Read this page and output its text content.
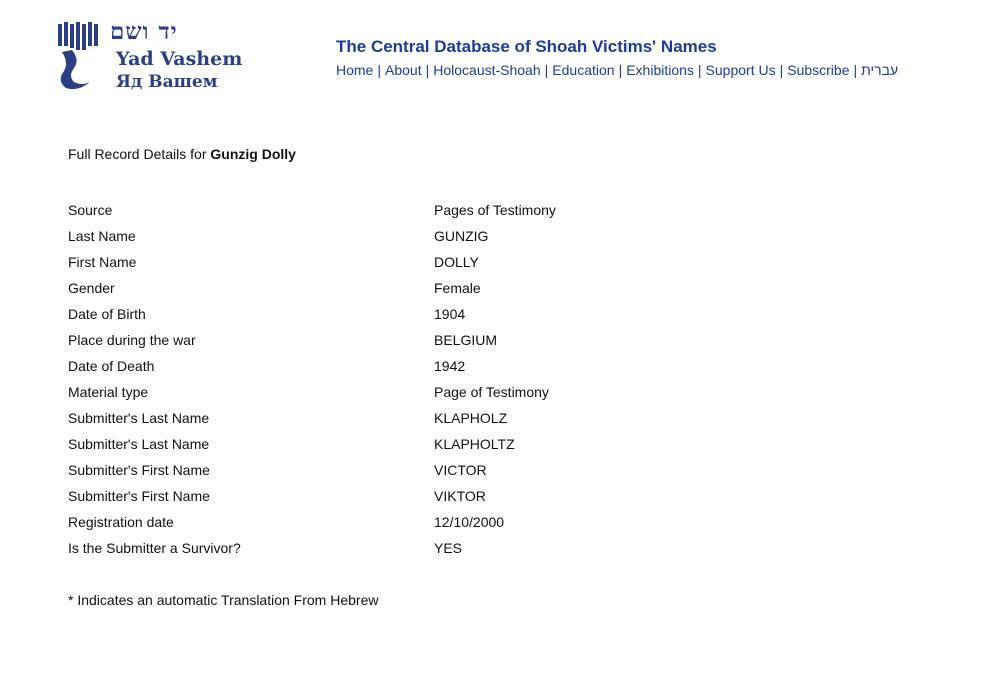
יד ושם
Yad Vashem
Яд Вашем
The Central Database of Shoah Victims' Names
Home | About | Holocaust-Shoah | Education | Exhibitions | Support Us | Subscribe | עברית
Full Record Details for Gunzig Dolly
Source	Pages of Testimony
Last Name	GUNZIG
First Name	DOLLY
Gender	Female
Date of Birth	1904
Place during the war	BELGIUM
Date of Death	1942
Material type	Page of Testimony
Submitter's Last Name	KLAPHOLZ
Submitter's Last Name	KLAPHOLTZ
Submitter's First Name	VICTOR
Submitter's First Name	VIKTOR
Registration date	12/10/2000
Is the Submitter a Survivor?	YES
* Indicates an automatic Translation From Hebrew
